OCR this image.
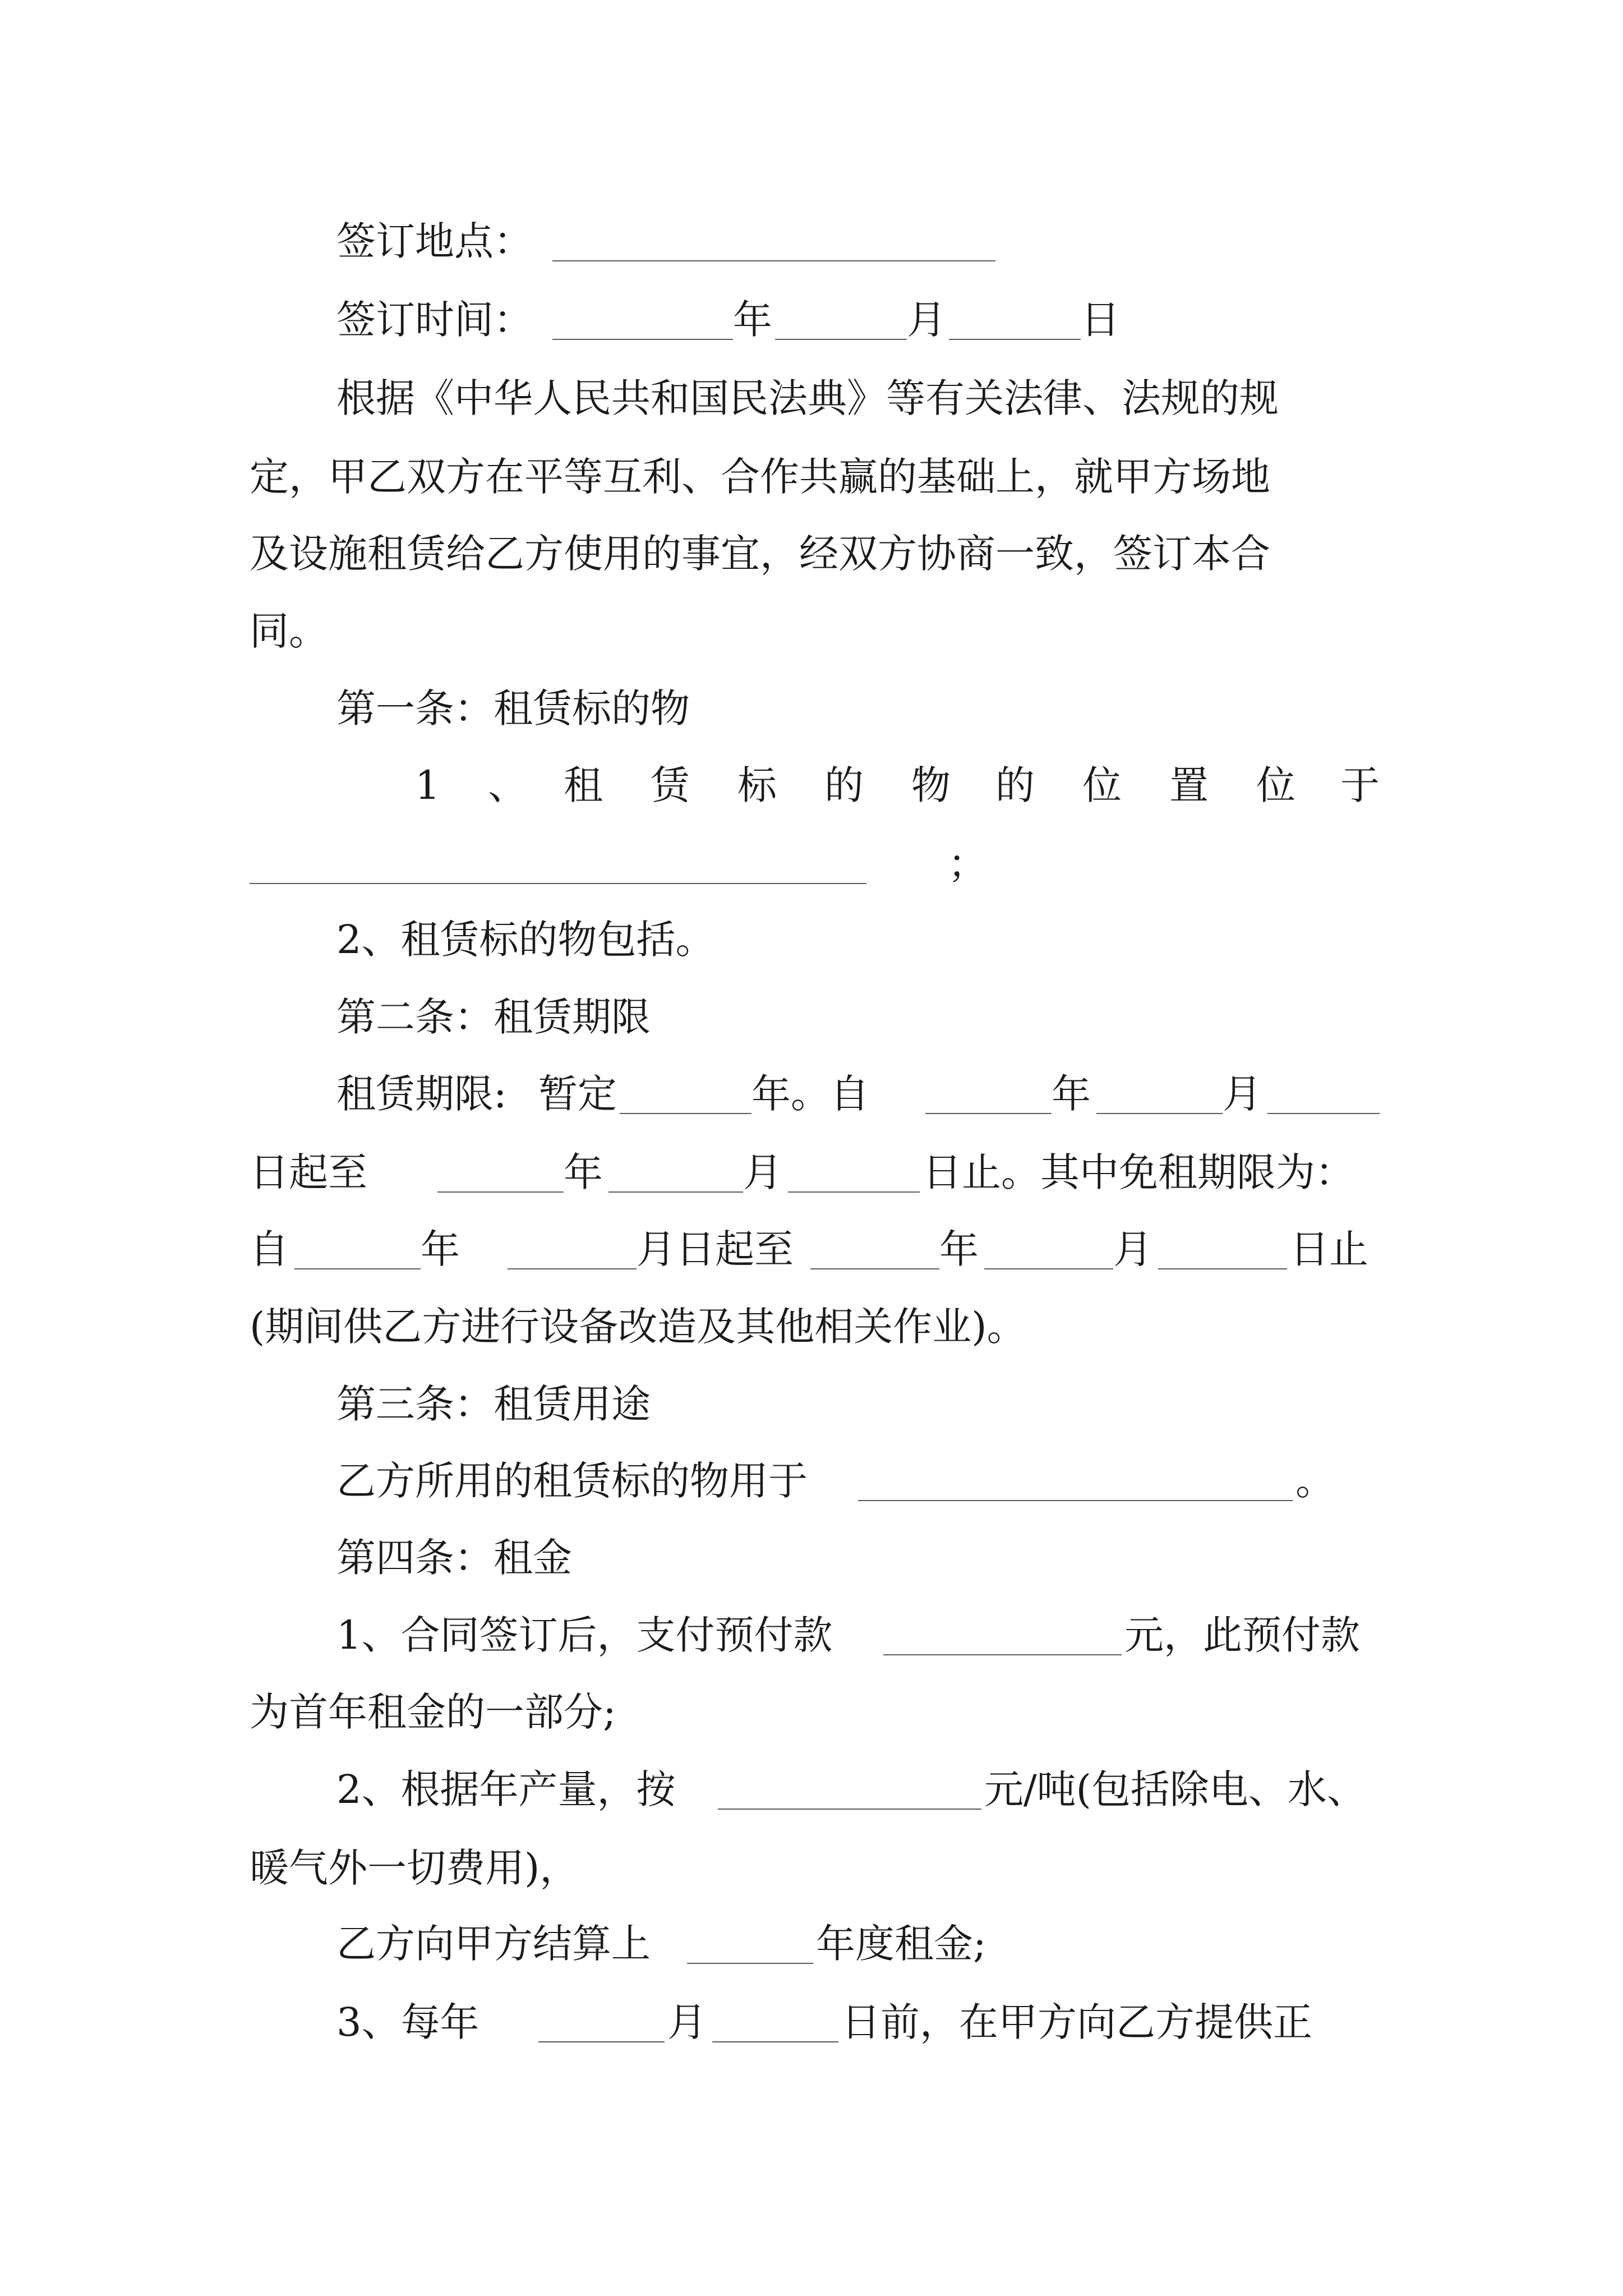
签订地点：
签订时间：	年	月	日
根据《中华人民共和国民法典》等有关法律、法规的规
定，甲乙双方在平等互利、合作共赢的基础上，就甲方场地
及设施租赁给乙方使用的事宜，经双方协商一致，签订本合
同。
第一条：租赁标的物
1 、 租 赁 标 的 物 的 位 置 位 于
；
2、租赁标的物包括。
第二条：租赁期限
租赁期限: 暂定	年。自	年	月
日起至	年	月	日止。其中免租期限为：
自	年	月日起至	年	月	日止
(期间供乙方进行设备改造及其他相关作业)。
第三条：租赁用途
乙方所用的租赁标的物用于	。
第四条：租金
1、合同签订后，支付预付款	元，此预付款
为首年租金的一部分;
2、根据年产量，按	元/吨(包括除电、水、
暖气外一切费用)，
乙方向甲方结算上	年度租金;
3、每年	月	日前，在甲方向乙方提供正
